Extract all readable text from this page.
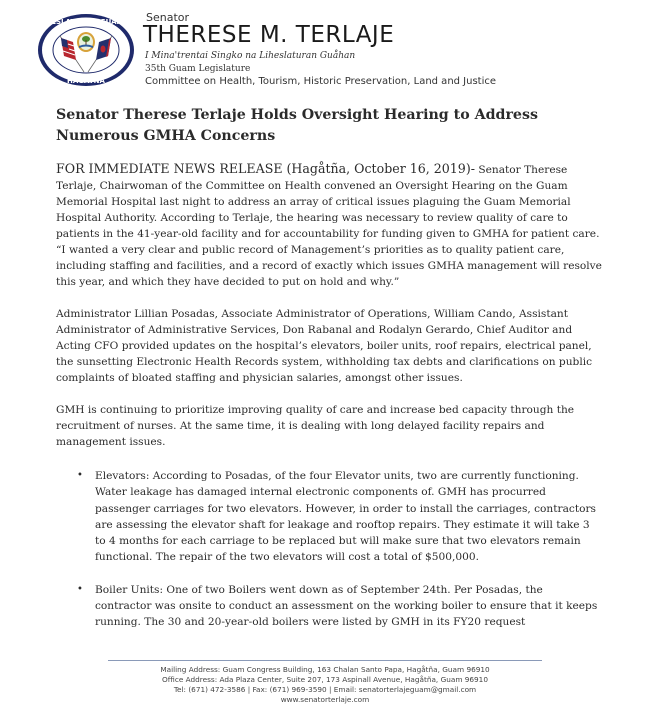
LIHESLATURAN GUAHAN
HAGATNA
★	★
Senator
THERESE M. TERLAJE
I Mina'trentai Singko na Liheslaturan Guåhan
35th Guam Legislature
Committee on Health, Tourism, Historic Preservation, Land and Justice
Senator Therese Terlaje Holds Oversight Hearing to Address Numerous GMHA Concerns

FOR IMMEDIATE NEWS RELEASE (Hagåtña, October 16, 2019)- Senator Therese Terlaje, Chairwoman of the Committee on Health convened an Oversight Hearing on the Guam Memorial Hospital last night to address an array of critical issues plaguing the Guam Memorial Hospital Authority. According to Terlaje, the hearing was necessary to review quality of care to patients in the 41-year-old facility and for accountability for funding given to GMHA for patient care. “I wanted a very clear and public record of Management’s priorities as to quality patient care, including staffing and facilities, and a record of exactly which issues GMHA management will resolve this year, and which they have decided to put on hold and why.”

Administrator Lillian Posadas, Associate Administrator of Operations, William Cando, Assistant Administrator of Administrative Services, Don Rabanal and Rodalyn Gerardo, Chief Auditor and Acting CFO provided updates on the hospital’s elevators, boiler units, roof repairs, electrical panel, the sunsetting Electronic Health Records system, withholding tax debts and clarifications on public complaints of bloated staffing and physician salaries, amongst other issues.

GMH is continuing to prioritize improving quality of care and increase bed capacity through the recruitment of nurses. At the same time, it is dealing with long delayed facility repairs and management issues.

• Elevators: According to Posadas, of the four Elevator units, two are currently functioning. Water leakage has damaged internal electronic components of. GMH has procurred passenger carriages for two elevators. However, in order to install the carriages, contractors are assessing the elevator shaft for leakage and rooftop repairs. They estimate it will take 3 to 4 months for each carriage to be replaced but will make sure that two elevators remain functional. The repair of the two elevators will cost a total of $500,000.
• Boiler Units: One of two Boilers went down as of September 24th. Per Posadas, the contractor was onsite to conduct an assessment on the working boiler to ensure that it keeps running. The 30 and 20-year-old boilers were listed by GMH in its FY20 request
Mailing Address: Guam Congress Building, 163 Chalan Santo Papa, Hagåtña, Guam 96910
Office Address: Ada Plaza Center, Suite 207, 173 Aspinall Avenue, Hagåtña, Guam 96910
Tel: (671) 472-3586 | Fax: (671) 969-3590 | Email: senatorterlajeguam@gmail.com
www.senatorterlaje.com
